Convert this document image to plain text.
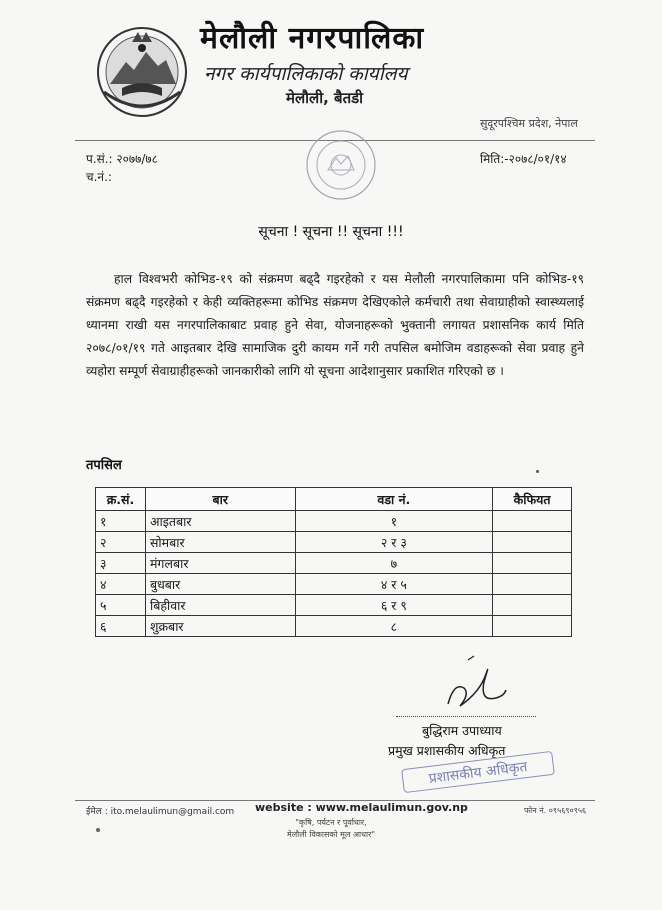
मेलौली नगरपालिका
नगर कार्यपालिकाको कार्यालय
मेलौली, बैतडी
सुदूरपश्चिम प्रदेश, नेपाल
प.सं.: २०७७/७८
च.नं.:
मिति:-२०७८/०१/१४
सूचना ! सूचना !! सूचना !!!
हाल विश्वभरी कोभिड-१९ को संक्रमण बढ्दै गइरहेको र यस मेलौली नगरपालिकामा पनि कोभिड-१९ संक्रमण बढ्दै गइरहेको र केही व्यक्तिहरूमा कोभिड संक्रमण देखिएकोले कर्मचारी तथा सेवाग्राहीको स्वास्थ्यलाई ध्यानमा राखी यस नगरपालिकाबाट प्रवाह हुने सेवा, योजनाहरूको भुक्तानी लगायत प्रशासनिक कार्य मिति २०७८/०१/१९ गते आइतबार देखि सामाजिक दुरी कायम गर्ने गरी तपसिल बमोजिम वडाहरूको सेवा प्रवाह हुने व्यहोरा सम्पूर्ण सेवाग्राहीहरूको जानकारीको लागि यो सूचना आदेशानुसार प्रकाशित गरिएको छ ।
तपसिल
क्र.सं.	बार	वडा नं.	कैफियत
१	आइतबार	१	
२	सोमबार	२ र ३	
३	मंगलबार	७	
४	बुधबार	४ र ५	
५	बिहीवार	६ र ९	
६	शुक्रबार	८	
बुद्धिराम उपाध्याय
प्रमुख प्रशासकीय अधिकृत
प्रशासकीय अधिकृत
ईमेल : ito.melaulimun@gmail.com website : www.melaulimun.gov.np	फोन नं. ०९५६९०९५६
"कृषि, पर्यटन र पूर्वाधार,
मेलौली विकासको मूल आधार"
